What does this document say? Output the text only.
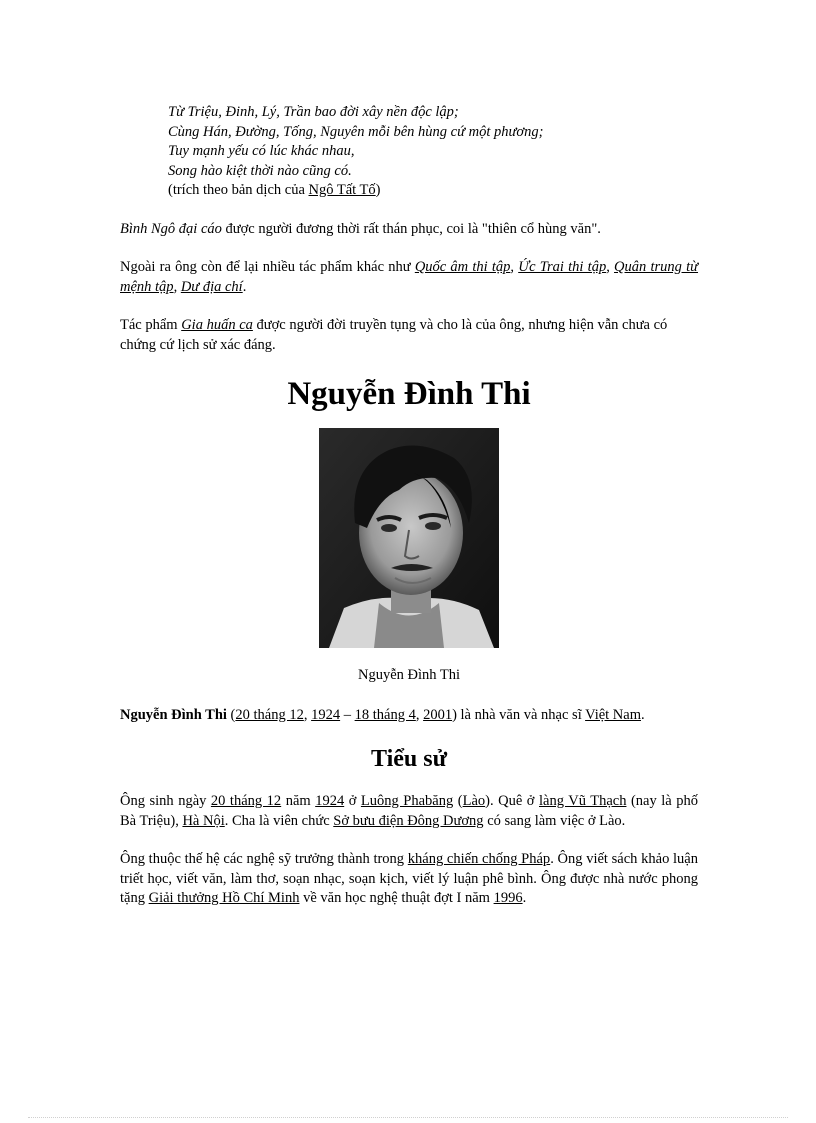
Từ Triệu, Đinh, Lý, Trần bao đời xây nền độc lập;
Cùng Hán, Đường, Tống, Nguyên mỗi bên hùng cứ một phương;
Tuy mạnh yếu có lúc khác nhau,
Song hào kiệt thời nào cũng có.
(trích theo bản dịch của Ngô Tất Tố)

Bình Ngô đại cáo được người đương thời rất thán phục, coi là "thiên cổ hùng văn".

Ngoài ra ông còn để lại nhiều tác phẩm khác như Quốc âm thi tập, Ức Trai thi tập, Quân trung từ mệnh tập, Dư địa chí.

Tác phẩm Gia huấn ca được người đời truyền tụng và cho là của ông, nhưng hiện vẫn chưa có chứng cứ lịch sử xác đáng.

Nguyễn Đình Thi
Nguyễn Đình Thi

Nguyễn Đình Thi (20 tháng 12, 1924 – 18 tháng 4, 2001) là nhà văn và nhạc sĩ Việt Nam.

Tiểu sử

Ông sinh ngày 20 tháng 12 năm 1924 ở Luông Phabăng (Lào). Quê ở làng Vũ Thạch (nay là phố Bà Triệu), Hà Nội. Cha là viên chức Sở bưu điện Đông Dương có sang làm việc ở Lào.

Ông thuộc thế hệ các nghệ sỹ trưởng thành trong kháng chiến chống Pháp. Ông viết sách khảo luận triết học, viết văn, làm thơ, soạn nhạc, soạn kịch, viết lý luận phê bình. Ông được nhà nước phong tặng Giải thưởng Hồ Chí Minh về văn học nghệ thuật đợt I năm 1996.
